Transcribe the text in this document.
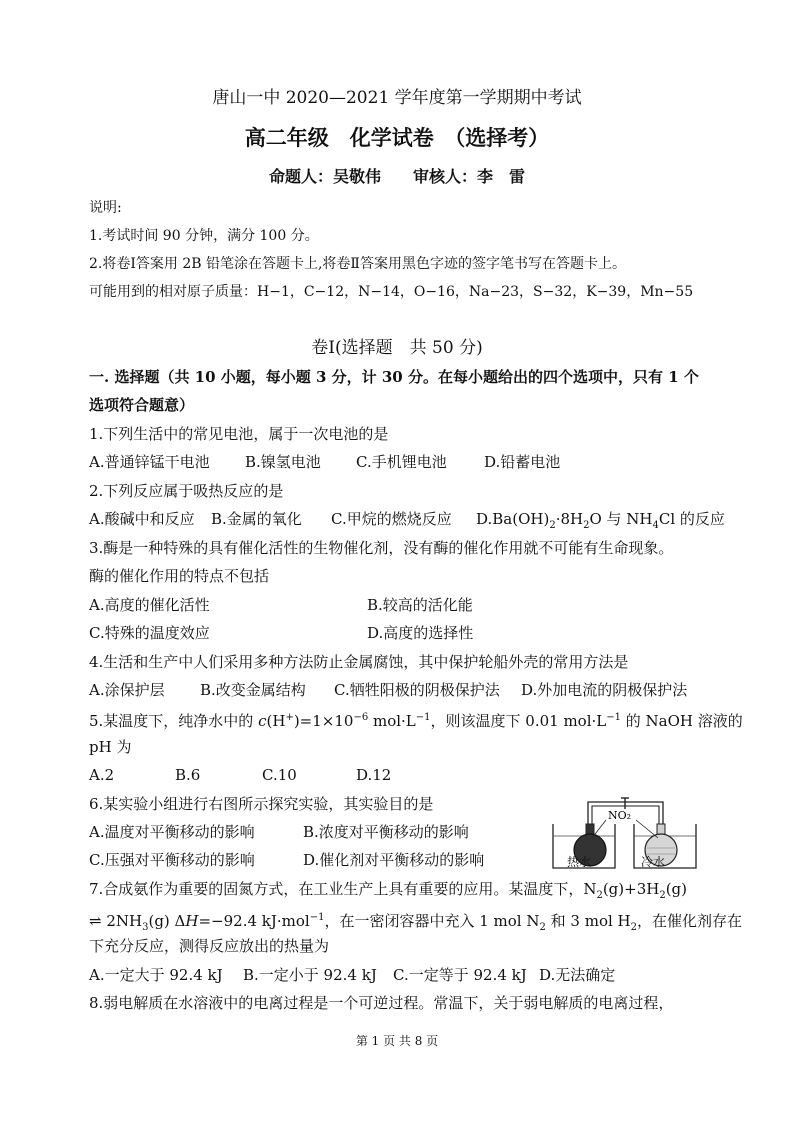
唐山一中 2020—2021 学年度第一学期期中考试
高二年级　化学试卷　（选择考）
命题人：吴敬伟　　审核人：李　雷
说明:
1.考试时间 90 分钟，满分 100 分。
2.将卷Ⅰ答案用 2B 铅笔涂在答题卡上,将卷Ⅱ答案用黑色字迹的签字笔书写在答题卡上。
可能用到的相对原子质量：H−1，C−12，N−14，O−16，Na−23，S−32，K−39，Mn−55
卷Ⅰ(选择题　共 50 分)
一. 选择题（共 10 小题，每小题 3 分，计 30 分。在每小题给出的四个选项中，只有 1 个
选项符合题意）
1.下列生活中的常见电池，属于一次电池的是
A.普通锌锰干电池 B.镍氢电池 C.手机锂电池 D.铅蓄电池
2.下列反应属于吸热反应的是
A.酸碱中和反应 B.金属的氧化 C.甲烷的燃烧反应 $D.Ba(OH)_2\cdot 8H_2O$ 与 $NH_4Cl$ 的反应
3.酶是一种特殊的具有催化活性的生物催化剂，没有酶的催化作用就不可能有生命现象。
酶的催化作用的特点不包括
A.高度的催化活性	B.较高的活化能
C.特殊的温度效应	D.高度的选择性
4.生活和生产中人们采用多种方法防止金属腐蚀，其中保护轮船外壳的常用方法是
A.涂保护层 B.改变金属结构 C.牺牲阳极的阴极保护法 D.外加电流的阴极保护法
5.某温度下，纯净水中的 $c(H^+)=1\times 10^{-6}$ $mol\cdot L^{-1}$，则该温度下 0.01 $mol\cdot L^{-1}$ 的 NaOH 溶液的
pH 为
A.2	B.6	C.10	D.12
6.某实验小组进行右图所示探究实验，其实验目的是
A.温度对平衡移动的影响	B.浓度对平衡移动的影响
C.压强对平衡移动的影响	D.催化剂对平衡移动的影响
NO₂
热水	冷水
7.合成氨作为重要的固氮方式，在工业生产上具有重要的应用。某温度下，$N_2(g)+3H_2(g)$
⇌ $2NH_3(g)$ ΔH=−92.4 kJ·mol$^{-1}$，在一密闭容器中充入 1 mol $N_2$ 和 3 mol $H_2$，在催化剂存在
下充分反应，测得反应放出的热量为
A.一定大于 92.4 kJ B.一定小于 92.4 kJ C.一定等于 92.4 kJ D.无法确定
8.弱电解质在水溶液中的电离过程是一个可逆过程。常温下，关于弱电解质的电离过程，
第 1 页 共 8 页
